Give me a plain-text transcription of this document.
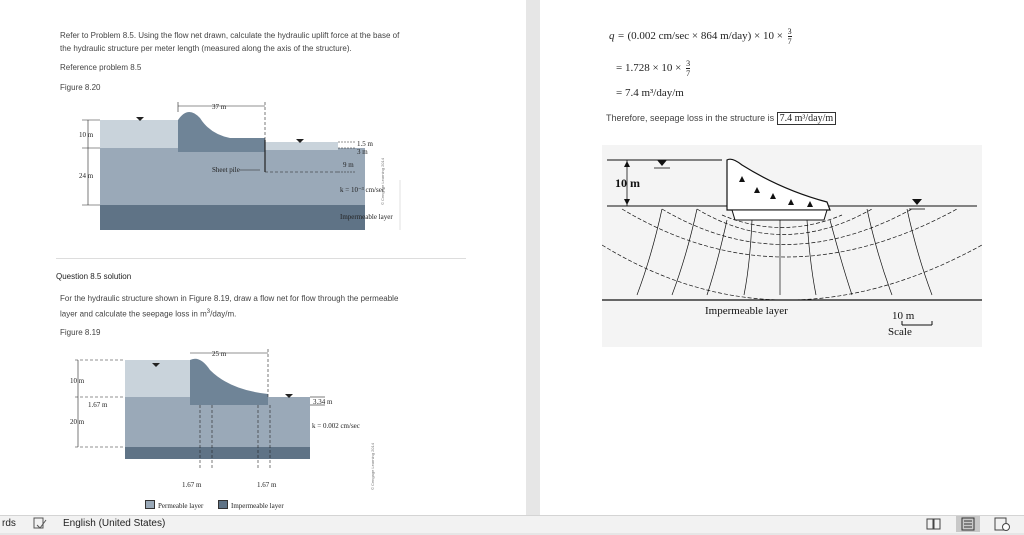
Refer to Problem 8.5. Using the flow net drawn, calculate the hydraulic uplift force at the base of
the hydraulic structure per meter length (measured along the axis of the structure).
Reference problem 8.5
Figure 8.20
37 m
10 m
24 m
1.5 m
3 m
9 m
Sheet pile
k = 10⁻³ cm/sec
Impermeable layer
© Cengage Learning 2014
Question 8.5 solution
For the hydraulic structure shown in Figure 8.19, draw a flow net for flow through the permeable
layer and calculate the seepage loss in $m^3/day/m$.
Figure 8.19
25 m
10 m
1.67 m
20 m
3.34 m
k = 0.002 cm/sec
1.67 m	1.67 m	© Cengage Learning 2014
Permeable layer	Impermeable layer
q = (0.002 cm/sec × 864 $m/day) \times 10 \times \frac{3}{7}$
= $1.728 \times 10 \times \frac{3}{7}$
= 7.4 m³/day/m
Therefore, seepage loss in the structure is 7.4 m³/day/m
10 m
Impermeable layer	10 m
Scale
rds	English (United States)
